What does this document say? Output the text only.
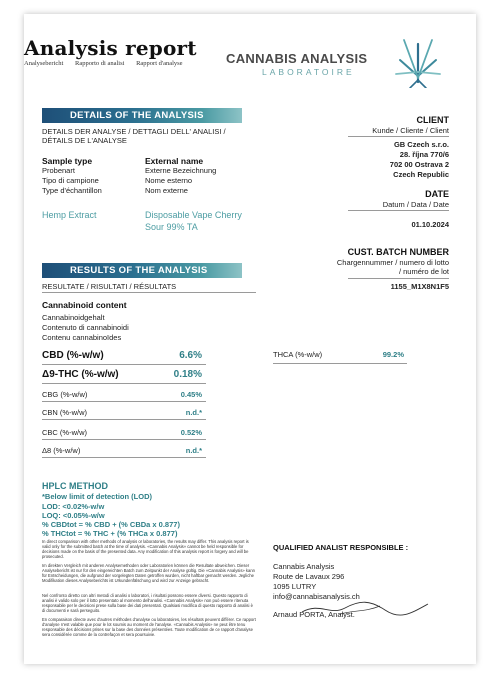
Analysis report
Analysebericht Rapporto di analisi Rapport d'analyse	CANNABIS ANALYSIS
LABORATOIRE
DETAILS OF THE ANALYSIS
DETAILS DER ANALYSE / DETTAGLI DELL' ANALISI /
DÉTAILS DE L'ANALYSE
Sample type
Probenart
Tipo di campione
Type d'échantillon
Hemp Extract
External name
Externe Bezeichnung
Nome esterno
Nom externe
Disposable Vape Cherry
Sour 99% TA
CLIENT
Kunde / Cliente / Client
GB Czech s.r.o.
28. října 770/6
702 00 Ostrava 2
Czech Republic
DATE
Datum / Data / Date
01.10.2024
CUST. BATCH NUMBER
Chargennummer / numero di lotto
/ numéro de lot
1155_M1X8N1F5
RESULTS OF THE ANALYSIS
RESULTATE / RISULTATI / RÉSULTATS
Cannabinoid content
Cannabinoidgehalt
Contenuto di cannabinoidi
Contenu cannabinoïdes
CBD (%-w/w)	6.6%
Δ9-THC (%-w/w)	0.18%
CBG (%-w/w)	0.45%
CBN (%-w/w)	n.d.*
CBC (%-w/w)	0.52%
Δ8 (%-w/w)	n.d.*
THCA (%-w/w)	99.2%
HPLC METHOD
*Below limit of detection (LOD)
LOD: <0.02%-w/w
LOQ: <0.05%-w/w
% CBDtot = % CBD + (% CBDa x 0.877)
% THCtot = % THC + (% THCa x 0.877)
In direct comparison with other methods of analysis or laboratories, the results may differ. This analysis report is valid only for the submitted batch at the time of analysis. «Cannabis Analysis» cannot be held responsible for decisions made on the basis of the presented data. Any modification of this analysis report is forgery and will be prosecuted.
Im direkten Vergleich mit anderen Analysemethoden oder Laboratorien können die Resultate abweichen. Dieser Analysebericht ist nur für den eingereichten Batch zum Zeitpunkt der Analyse gültig. Die «Cannabis Analysis» kann für Entscheidungen, die aufgrund der vorgelegten Daten getroffen wurden, nicht haftbar gemacht werden. Jegliche Modifikation dieses Analyseberichts ist Urkundenfälschung und wird zur Anzeige gebracht.
Nel confronto diretto con altri metodi di analisi o laboratori, i risultati possono essere diversi. Questo rapporto di analisi è valido solo per il lotto presentato al momento dell'analisi. «Cannabis Analysis» non può essere ritenuta responsabile per le decisioni prese sulla base dei dati presentati. Qualsiasi modifica di questo rapporto di analisi è di documenti e sarà perseguito.
En comparaison directe avec d'autres méthodes d'analyse ou laboratoires, les résultats peuvent différer. Ce rapport d'analyse n'est valable que pour le lot soumis au moment de l'analyse. «Cannabis Analysis» ne peut être tenu responsable des décisions prises sur la base des données présentées. Toute modification de ce rapport d'analyse sera considérée comme de la contrefaçon et sera poursuivie.
QUALIFIED ANALIST RESPONSIBLE :
Cannabis Analysis
Route de Lavaux 296
1095 LUTRY
info@cannabisanalysis.ch
Arnaud PORTA, Analyst.
